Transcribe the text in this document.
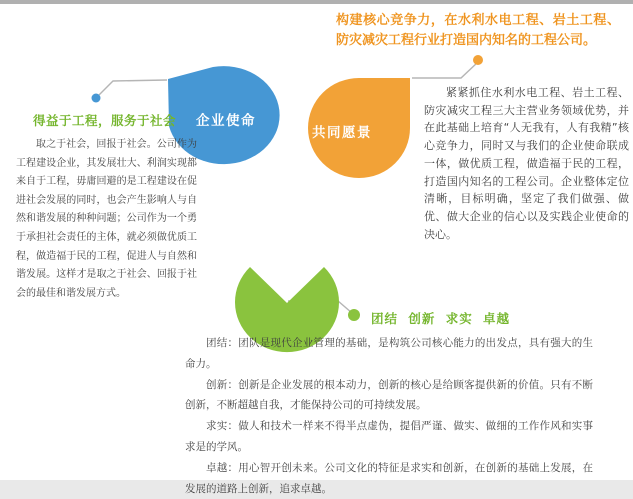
企业使命
共同愿景
企业精神
得益于工程，服务于社会
构建核心竞争力，在水利水电工程、岩土工程、防灾减灾工程行业打造国内知名的工程公司。
团结 创新 求实 卓越

取之于社会，回报于社会。公司作为工程建设企业，其发展壮大、利润实现都来自于工程，毋庸回避的是工程建设在促进社会发展的同时，也会产生影响人与自然和谐发展的种种问题；公司作为一个勇于承担社会责任的主体，就必须做优质工程，做造福于民的工程，促进人与自然和谐发展。这样才是取之于社会、回报于社会的最佳和谐发展方式。

紧紧抓住水利水电工程、岩土工程、防灾减灾工程三大主营业务领域优势，并在此基础上培育“人无我有，人有我精”核心竞争力，同时又与我们的企业使命联成一体，做优质工程，做造福于民的工程，打造国内知名的工程公司。企业整体定位清晰，目标明确，坚定了我们做强、做优、做大企业的信心以及实践企业使命的决心。

团结：团队是现代企业管理的基础，是构筑公司核心能力的出发点，具有强大的生命力。

创新：创新是企业发展的根本动力，创新的核心是给顾客提供新的价值。只有不断创新，不断超越自我，才能保持公司的可持续发展。

求实：做人和技术一样来不得半点虚伪，提倡严谨、做实、做细的工作作风和实事求是的学风。

卓越：用心智开创未来。公司文化的特征是求实和创新，在创新的基础上发展，在发展的道路上创新，追求卓越。
